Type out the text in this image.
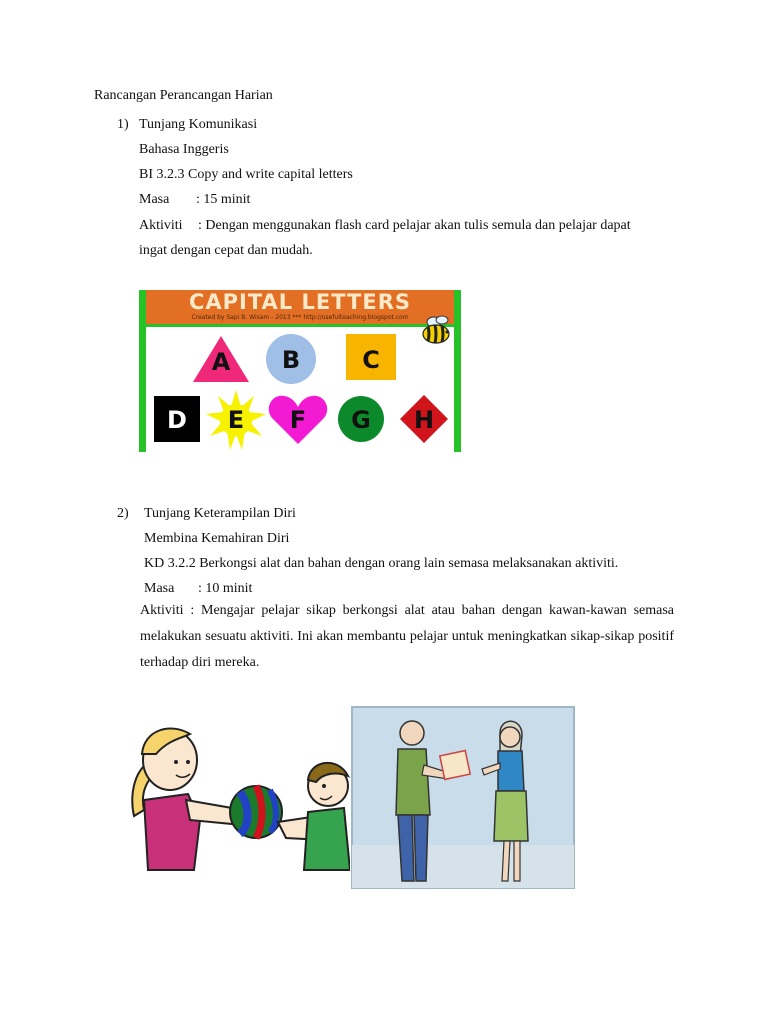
Rancangan Perancangan Harian
1) Tunjang Komunikasi
Bahasa Inggeris
BI 3.2.3 Copy and write capital letters
Masa : 15 minit
Aktiviti : Dengan menggunakan flash card pelajar akan tulis semula dan pelajar dapat
ingat dengan cepat dan mudah.
CAPITAL LETTERS
Created by Sapi B. Wisam - 2013 *** http://usefulteaching.blogspot.com
A B	C
D E F G H
2) Tunjang Keterampilan Diri
Membina Kemahiran Diri
KD 3.2.2 Berkongsi alat dan bahan dengan orang lain semasa melaksanakan aktiviti.
Masa : 10 minit
Aktiviti : Mengajar pelajar sikap berkongsi alat atau bahan dengan kawan-kawan semasa melakukan sesuatu aktiviti. Ini akan membantu pelajar untuk meningkatkan sikap-sikap positif terhadap diri mereka.
